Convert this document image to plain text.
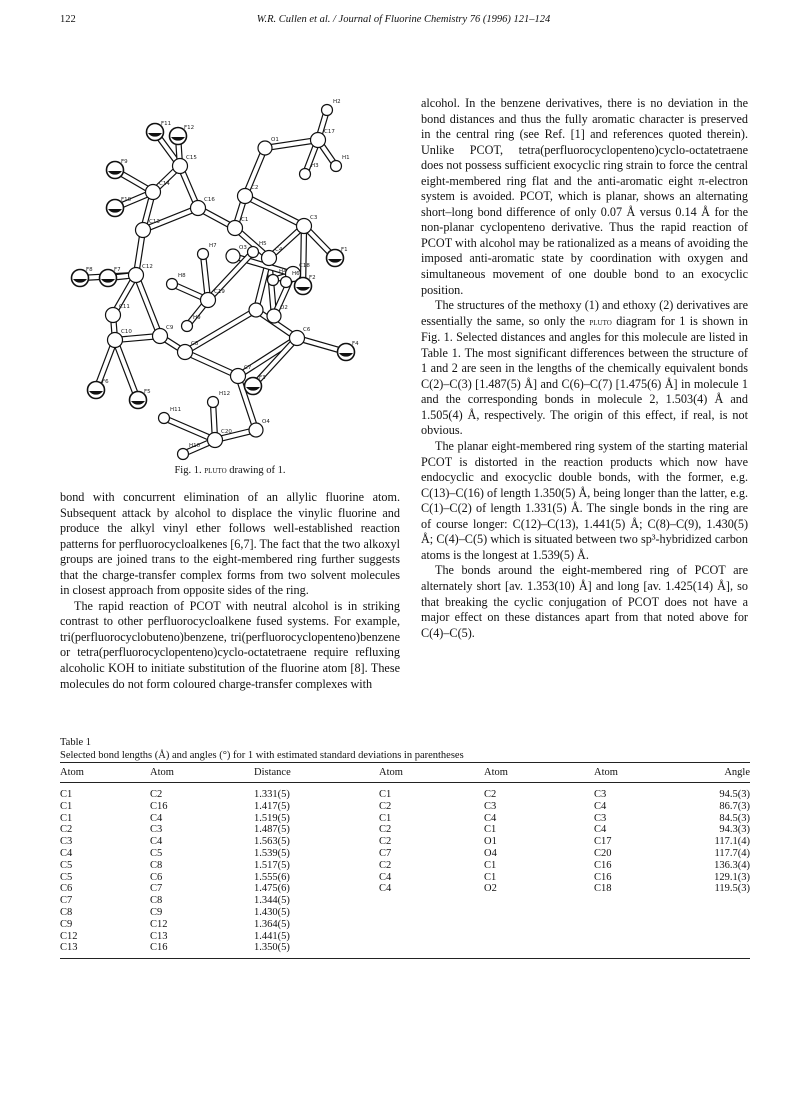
122	W.R. Cullen et al. / Journal of Fluorine Chemistry 76 (1996) 121–124
H2
F11
F12
O1
C17
F9
C15
H3
H1
C2
C14
C16
F10
C3
C13	C1
H7	O3
H5
C4	F1
C12	C18
H6
F2
H4
F8	F7
H8
C19
C11	O2
C10
H9
C9	C6
C8	F4
C7
F3
F6
F5	H12
H11
O4
C20
H10
Fig. 1. pluto drawing of 1.

bond with concurrent elimination of an allylic fluorine atom. Subsequent attack by alcohol to displace the vinylic fluorine and produce the alkyl vinyl ether follows well-established reaction patterns for perfluorocycloalkenes [6,7]. The fact that the two alkoxyl groups are joined trans to the eight-membered ring further suggests that the charge-transfer complex forms from two solvent molecules in closest approach from opposite sides of the ring.

The rapid reaction of PCOT with neutral alcohol is in striking contrast to other perfluorocycloalkene fused systems. For example, tri(perfluorocyclobuteno)benzene, tri(perfluorocyclopenteno)benzene or tetra(perfluorocyclopenteno)cyclo-octatetraene require refluxing alcoholic KOH to initiate substitution of the fluorine atom [8]. These molecules do not form coloured charge-transfer complexes with

alcohol. In the benzene derivatives, there is no deviation in the bond distances and thus the fully aromatic character is preserved in the central ring (see Ref. [1] and references quoted therein). Unlike PCOT, tetra(perfluorocyclopenteno)cyclo-octatetraene does not possess sufficient exocyclic ring strain to force the central eight-membered ring flat and the anti-aromatic eight π-electron system is avoided. PCOT, which is planar, shows an alternating short–long bond difference of only 0.07 Å versus 0.14 Å for the non-planar cyclopenteno derivative. Thus the rapid reaction of PCOT with alcohol may be rationalized as a means of avoiding the imposed anti-aromatic state by coordination with oxygen and simultaneous movement of one double bond to an exocyclic position.

The structures of the methoxy (1) and ethoxy (2) derivatives are essentially the same, so only the pluto diagram for 1 is shown in Fig. 1. Selected distances and angles for this molecule are listed in Table 1. The most significant differences between the structure of 1 and 2 are seen in the lengths of the chemically equivalent bonds C(2)–C(3) [1.487(5) Å] and C(6)–C(7) [1.475(6) Å] in molecule 1 and the corresponding bonds in molecule 2, 1.503(4) Å and 1.505(4) Å, respectively. The origin of this effect, if real, is not obvious.

The planar eight-membered ring system of the starting material PCOT is distorted in the reaction products which now have endocyclic and exocyclic double bonds, with the former, e.g. C(13)–C(16) of length 1.350(5) Å, being longer than the latter, e.g. C(1)–C(2) of length 1.331(5) Å. The single bonds in the ring are of course longer: C(12)–C(13), 1.441(5) Å; C(8)–C(9), 1.430(5) Å; C(4)–C(5) which is situated between two sp³-hybridized carbon atoms is the longest at 1.539(5) Å.

The bonds around the eight-membered ring of PCOT are alternately short [av. 1.353(10) Å] and long [av. 1.425(14) Å], so that breaking the cyclic conjugation of PCOT does not have a major effect on these distances apart from that noted above for C(4)–C(5).

Table 1
Selected bond lengths (Å) and angles (°) for 1 with estimated standard deviations in parentheses
Atom	Atom	Distance	Atom	Atom	Atom	Angle
C1	C2	1.331(5)	C1	C2	C3	94.5(3)
C1	C16	1.417(5)	C2	C3	C4	86.7(3)
C1	C4	1.519(5)	C1	C4	C3	84.5(3)
C2	C3	1.487(5)	C2	C1	C4	94.3(3)
C3	C4	1.563(5)	C2	O1	C17	117.1(4)
C4	C5	1.539(5)	C7	O4	C20	117.7(4)
C5	C8	1.517(5)	C2	C1	C16	136.3(4)
C5	C6	1.555(6)	C4	C1	C16	129.1(3)
C6	C7	1.475(6)	C4	O2	C18	119.5(3)
C7	C8	1.344(5)				
C8	C9	1.430(5)				
C9	C12	1.364(5)				
C12	C13	1.441(5)				
C13	C16	1.350(5)				
